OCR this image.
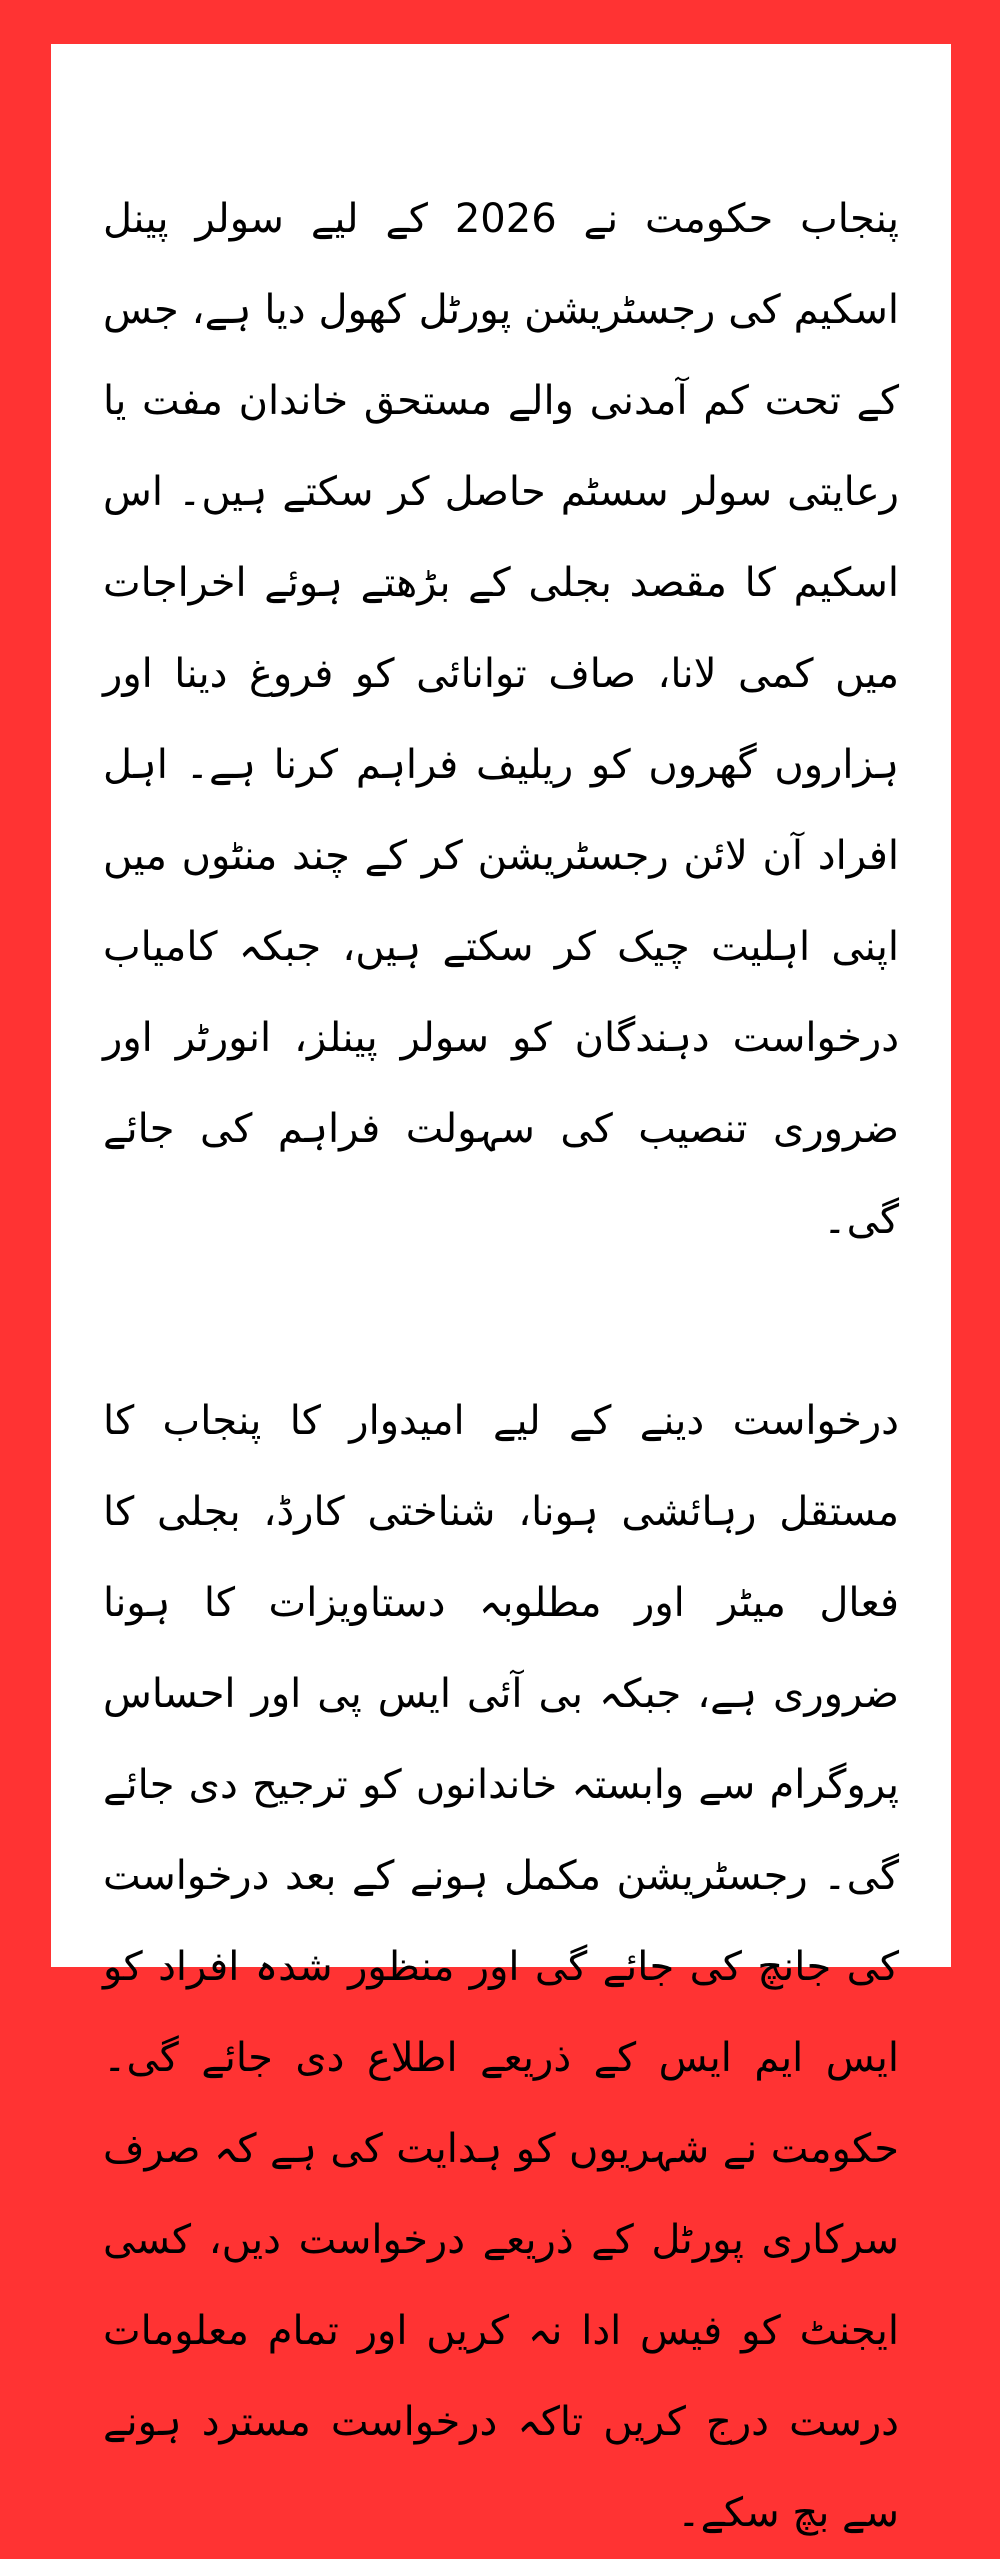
پنجاب حکومت نے 2026 کے لیے سولر پینل اسکیم کی رجسٹریشن پورٹل کھول دیا ہے، جس کے تحت کم آمدنی والے مستحق خاندان مفت یا رعایتی سولر سسٹم حاصل کر سکتے ہیں۔ اس اسکیم کا مقصد بجلی کے بڑھتے ہوئے اخراجات میں کمی لانا، صاف توانائی کو فروغ دینا اور ہزاروں گھروں کو ریلیف فراہم کرنا ہے۔ اہل افراد آن لائن رجسٹریشن کر کے چند منٹوں میں اپنی اہلیت چیک کر سکتے ہیں، جبکہ کامیاب درخواست دہندگان کو سولر پینلز، انورٹر اور ضروری تنصیب کی سہولت فراہم کی جائے گی۔

درخواست دینے کے لیے امیدوار کا پنجاب کا مستقل رہائشی ہونا، شناختی کارڈ، بجلی کا فعال میٹر اور مطلوبہ دستاویزات کا ہونا ضروری ہے، جبکہ بی آئی ایس پی اور احساس پروگرام سے وابستہ خاندانوں کو ترجیح دی جائے گی۔ رجسٹریشن مکمل ہونے کے بعد درخواست کی جانچ کی جائے گی اور منظور شدہ افراد کو ایس ایم ایس کے ذریعے اطلاع دی جائے گی۔ حکومت نے شہریوں کو ہدایت کی ہے کہ صرف سرکاری پورٹل کے ذریعے درخواست دیں، کسی ایجنٹ کو فیس ادا نہ کریں اور تمام معلومات درست درج کریں تاکہ درخواست مسترد ہونے سے بچ سکے۔
